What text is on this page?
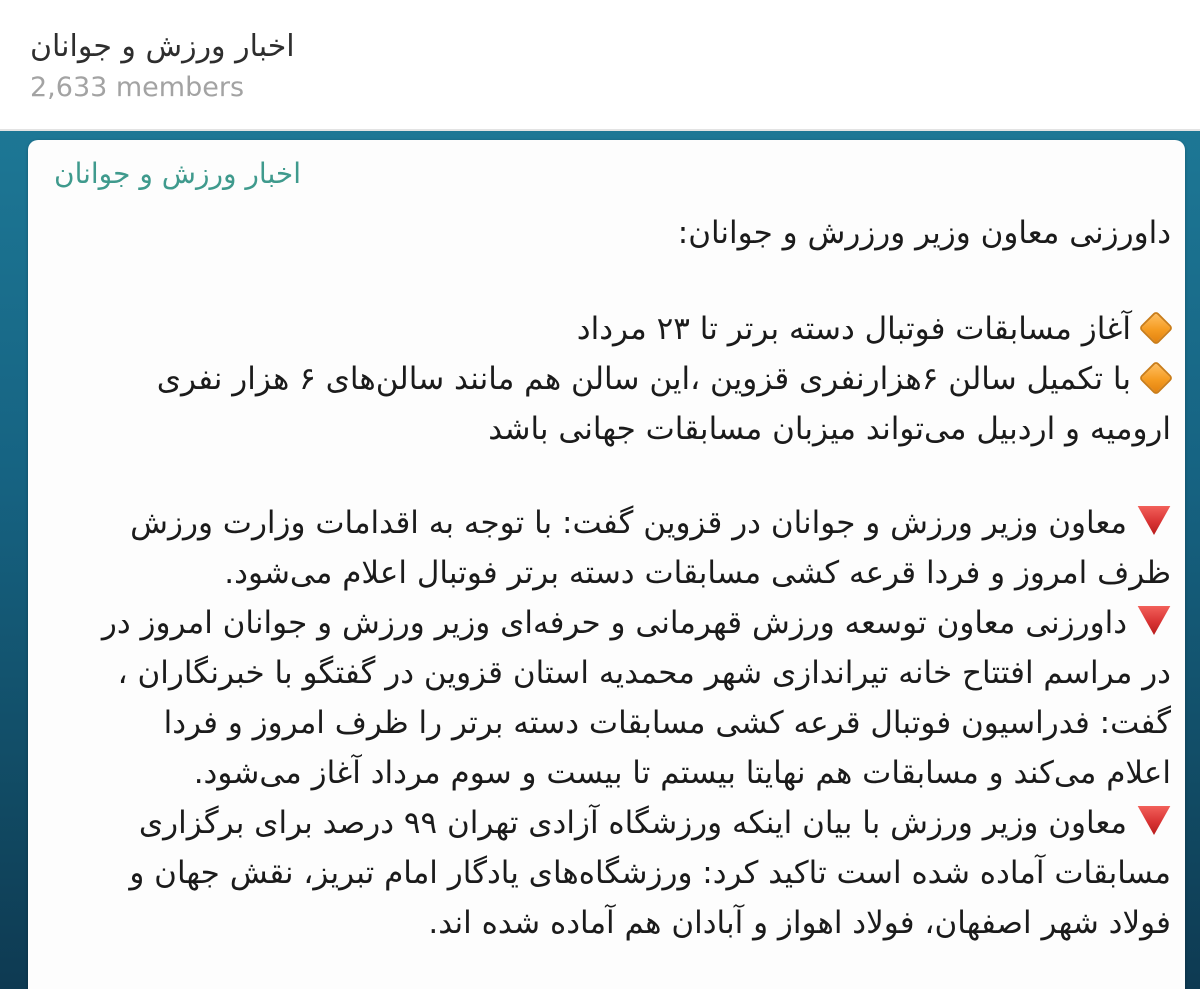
اخبار ورزش و جوانان
2,633 members
اخبار ورزش و جوانان
داورزنی معاون وزیر ورزرش و جوانان:
آغاز مسابقات فوتبال دسته برتر تا ۲۳ مرداد
با تکمیل سالن ۶هزارنفری قزوین ،این سالن هم مانند سالن‌های ۶ هزار نفری ارومیه و اردبیل می‌تواند میزبان مسابقات جهانی باشد
معاون وزیر ورزش و جوانان در قزوین گفت: با توجه به اقدامات وزارت ورزش ظرف امروز و فردا قرعه کشی مسابقات دسته برتر فوتبال اعلام می‌شود.
داورزنی معاون توسعه ورزش قهرمانی و حرفه‌ای وزیر ورزش و جوانان امروز در در مراسم افتتاح خانه تیراندازی شهر محمدیه استان قزوین در گفتگو با خبرنگاران ، گفت: فدراسیون فوتبال قرعه کشی مسابقات دسته برتر را ظرف امروز و فردا اعلام می‌کند و مسابقات هم نهایتا بیستم تا بیست و سوم مرداد آغاز می‌شود.
معاون وزیر ورزش با بیان اینکه ورزشگاه آزادی تهران ۹۹ درصد برای برگزاری مسابقات آماده شده است تاکید کرد: ورزشگاه‌های یادگار امام تبریز، نقش جهان و فولاد شهر اصفهان، فولاد اهواز و آبادان هم آماده شده اند.
